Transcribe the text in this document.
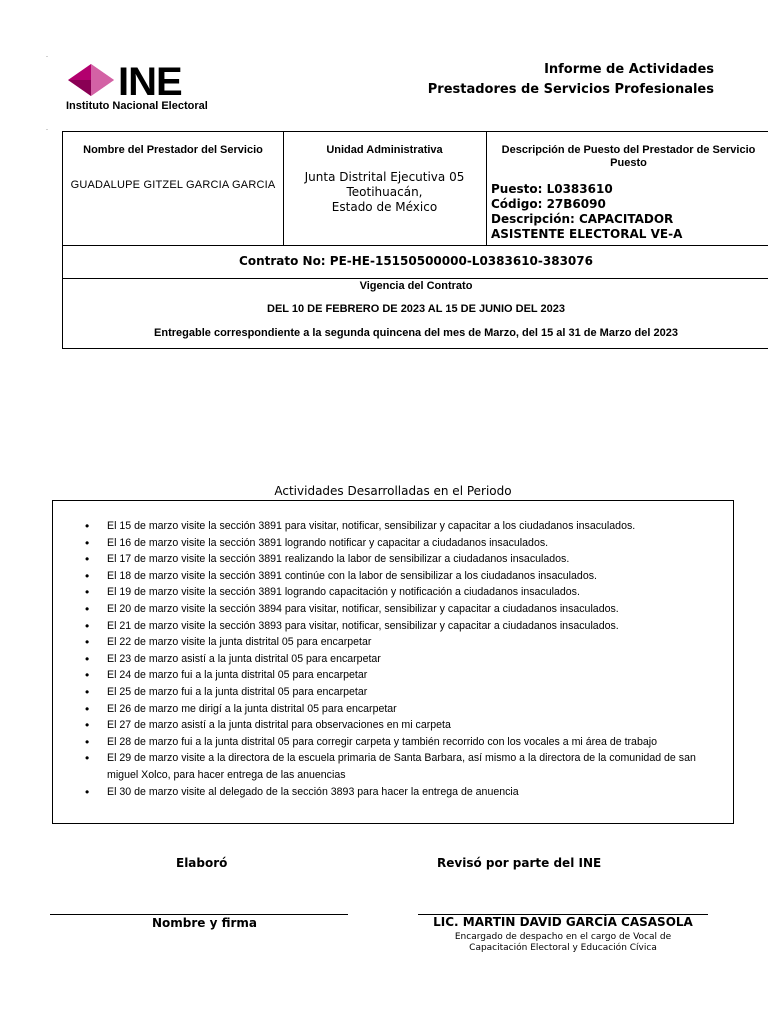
-
-
INE
Instituto Nacional Electoral
Informe de Actividades
Prestadores de Servicios Profesionales
Nombre del Prestador del Servicio
GUADALUPE GITZEL GARCIA GARCIA
Unidad Administrativa
Junta Distrital Ejecutiva 05
Teotihuacán,
Estado de México
Descripción de Puesto del Prestador de Servicio Puesto
Puesto: L0383610
Código: 27B6090
Descripción: CAPACITADOR
ASISTENTE ELECTORAL VE-A
Contrato No: PE-HE-15150500000-L0383610-383076
Vigencia del Contrato
DEL 10 DE FEBRERO DE 2023 AL 15 DE JUNIO DEL 2023
Entregable correspondiente a la segunda quincena del mes de Marzo, del 15 al 31 de Marzo del 2023
Actividades Desarrolladas en el Periodo
• El 15 de marzo visite la sección 3891 para visitar, notificar, sensibilizar y capacitar a los ciudadanos insaculados.
• El 16 de marzo visite la sección 3891 logrando notificar y capacitar a ciudadanos insaculados.
• El 17 de marzo visite la sección 3891 realizando la labor de sensibilizar a ciudadanos insaculados.
• El 18 de marzo visite la sección 3891 continúe con la labor de sensibilizar a los ciudadanos insaculados.
• El 19 de marzo visite la sección 3891 logrando capacitación y notificación a ciudadanos insaculados.
• El 20 de marzo visite la sección 3894 para visitar, notificar, sensibilizar y capacitar a ciudadanos insaculados.
• El 21 de marzo visite la sección 3893 para visitar, notificar, sensibilizar y capacitar a ciudadanos insaculados.
• El 22 de marzo visite la junta distrital 05 para encarpetar
• El 23 de marzo asistí a la junta distrital 05 para encarpetar
• El 24 de marzo fui a la junta distrital 05 para encarpetar
• El 25 de marzo fui a la junta distrital 05 para encarpetar
• El 26 de marzo me dirigí a la junta distrital 05 para encarpetar
• El 27 de marzo asistí a la junta distrital para observaciones en mi carpeta
• El 28 de marzo fui a la junta distrital 05 para corregir carpeta y también recorrido con los vocales a mi área de trabajo
• El 29 de marzo visite a la directora de la escuela primaria de Santa Barbara, así mismo a la directora de la comunidad de san miguel Xolco, para hacer entrega de las anuencias
• El 30 de marzo visite al delegado de la sección 3893 para hacer la entrega de anuencia
Elaboró	Revisó por parte del INE
Nombre y firma	LIC. MARTIN DAVID GARCÍA CASASOLA
Encargado de despacho en el cargo de Vocal de
Capacitación Electoral y Educación Cívica
